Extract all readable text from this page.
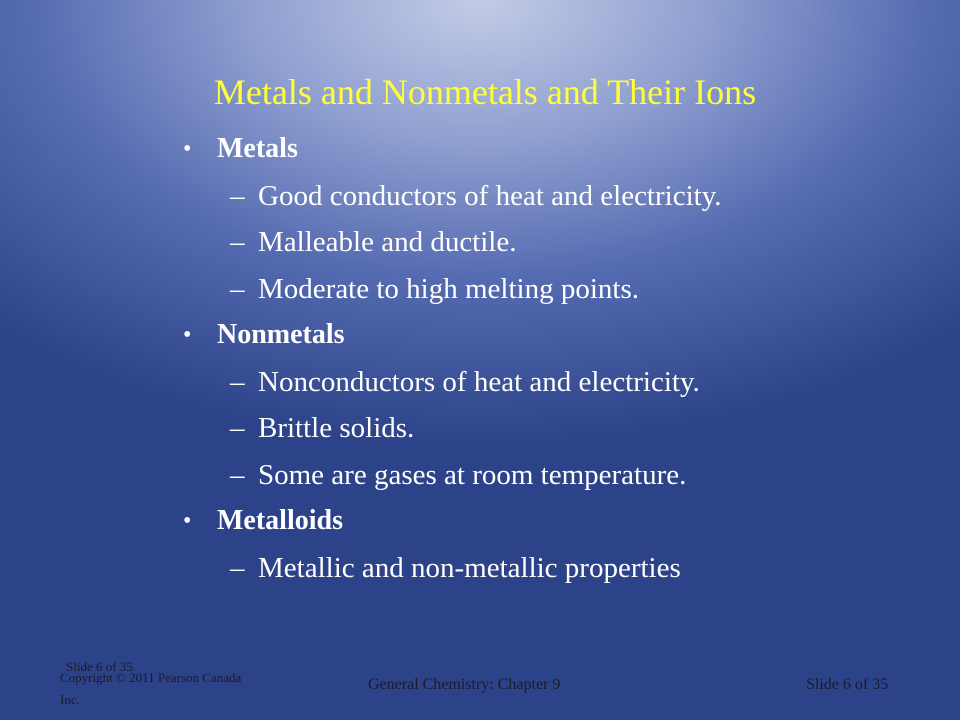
Metals and Nonmetals and Their Ions
• Metals
– Good conductors of heat and electricity.
– Malleable and ductile.
– Moderate to high melting points.
• Nonmetals
– Nonconductors of heat and electricity.
– Brittle solids.
– Some are gases at room temperature.
• Metalloids
– Metallic and non-metallic properties
Slide 6 of 35
Copyright © 2011 Pearson Canada Inc.
General Chemistry: Chapter 9	Slide 6 of 35
